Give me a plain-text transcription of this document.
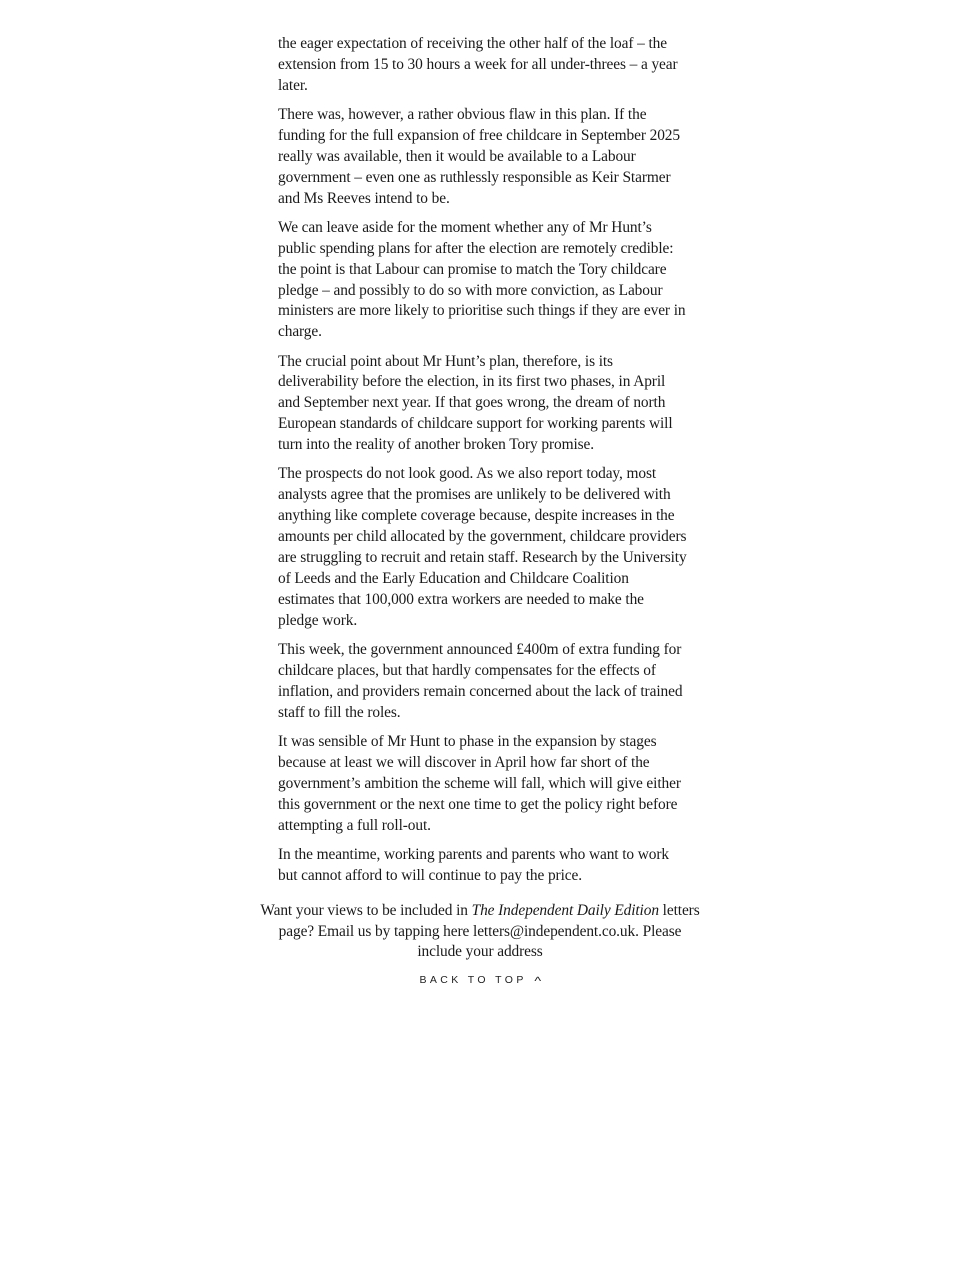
the eager expectation of receiving the other half of the loaf – the extension from 15 to 30 hours a week for all under-threes – a year later.

There was, however, a rather obvious flaw in this plan. If the funding for the full expansion of free childcare in September 2025 really was available, then it would be available to a Labour government – even one as ruthlessly responsible as Keir Starmer and Ms Reeves intend to be.

We can leave aside for the moment whether any of Mr Hunt’s public spending plans for after the election are remotely credible: the point is that Labour can promise to match the Tory childcare pledge – and possibly to do so with more conviction, as Labour ministers are more likely to prioritise such things if they are ever in charge.

The crucial point about Mr Hunt’s plan, therefore, is its deliverability before the election, in its first two phases, in April and September next year. If that goes wrong, the dream of north European standards of childcare support for working parents will turn into the reality of another broken Tory promise.

The prospects do not look good. As we also report today, most analysts agree that the promises are unlikely to be delivered with anything like complete coverage because, despite increases in the amounts per child allocated by the government, childcare providers are struggling to recruit and retain staff. Research by the University of Leeds and the Early Education and Childcare Coalition estimates that 100,000 extra workers are needed to make the pledge work.

This week, the government announced £400m of extra funding for childcare places, but that hardly compensates for the effects of inflation, and providers remain concerned about the lack of trained staff to fill the roles.

It was sensible of Mr Hunt to phase in the expansion by stages because at least we will discover in April how far short of the government’s ambition the scheme will fall, which will give either this government or the next one time to get the policy right before attempting a full roll-out.

In the meantime, working parents and parents who want to work but cannot afford to will continue to pay the price.

Want your views to be included in The Independent Daily Edition letters page? Email us by tapping here letters@independent.co.uk. Please include your address
BACK TO TOP ^
